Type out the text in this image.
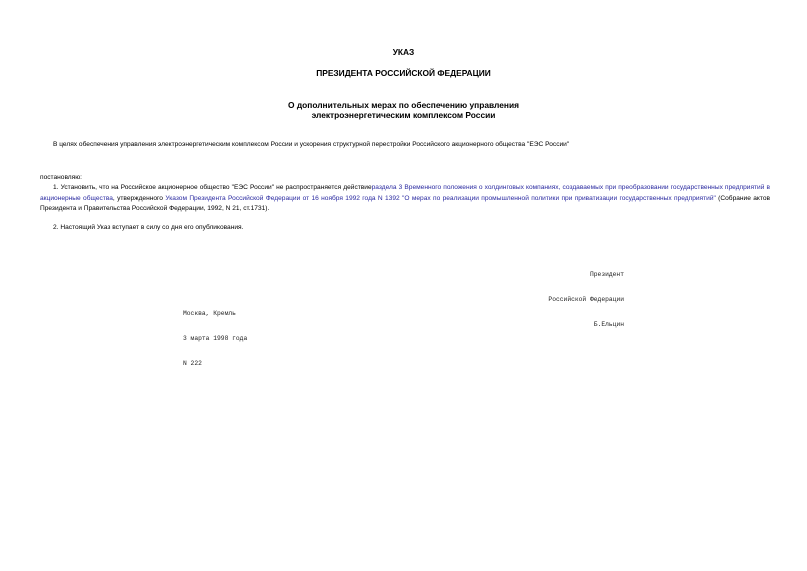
УКАЗ
ПРЕЗИДЕНТА РОССИЙСКОЙ ФЕДЕРАЦИИ
О дополнительных мерах по обеспечению управления
электроэнергетическим комплексом России
В целях обеспечения управления электроэнергетическим комплексом России и ускорения структурной перестройки Российского акционерного общества "ЕЭС России"
постановляю:
1. Установить, что на Российское акционерное общество "ЕЭС России" не распространяется действиераздела 3 Временного положения о холдинговых компаниях, создаваемых при преобразовании государственных предприятий в акционерные общества, утвержденного Указом Президента Российской Федерации от 16 ноября 1992 года N 1392 "О мерах по реализации промышленной политики при приватизации государственных предприятий" (Собрание актов Президента и Правительства Российской Федерации, 1992, N 21, ст.1731).
2. Настоящий Указ вступает в силу со дня его опубликования.

Президент

Российской Федерации

Б.Ельцин

Москва, Кремль

3 марта 1998 года

N 222
